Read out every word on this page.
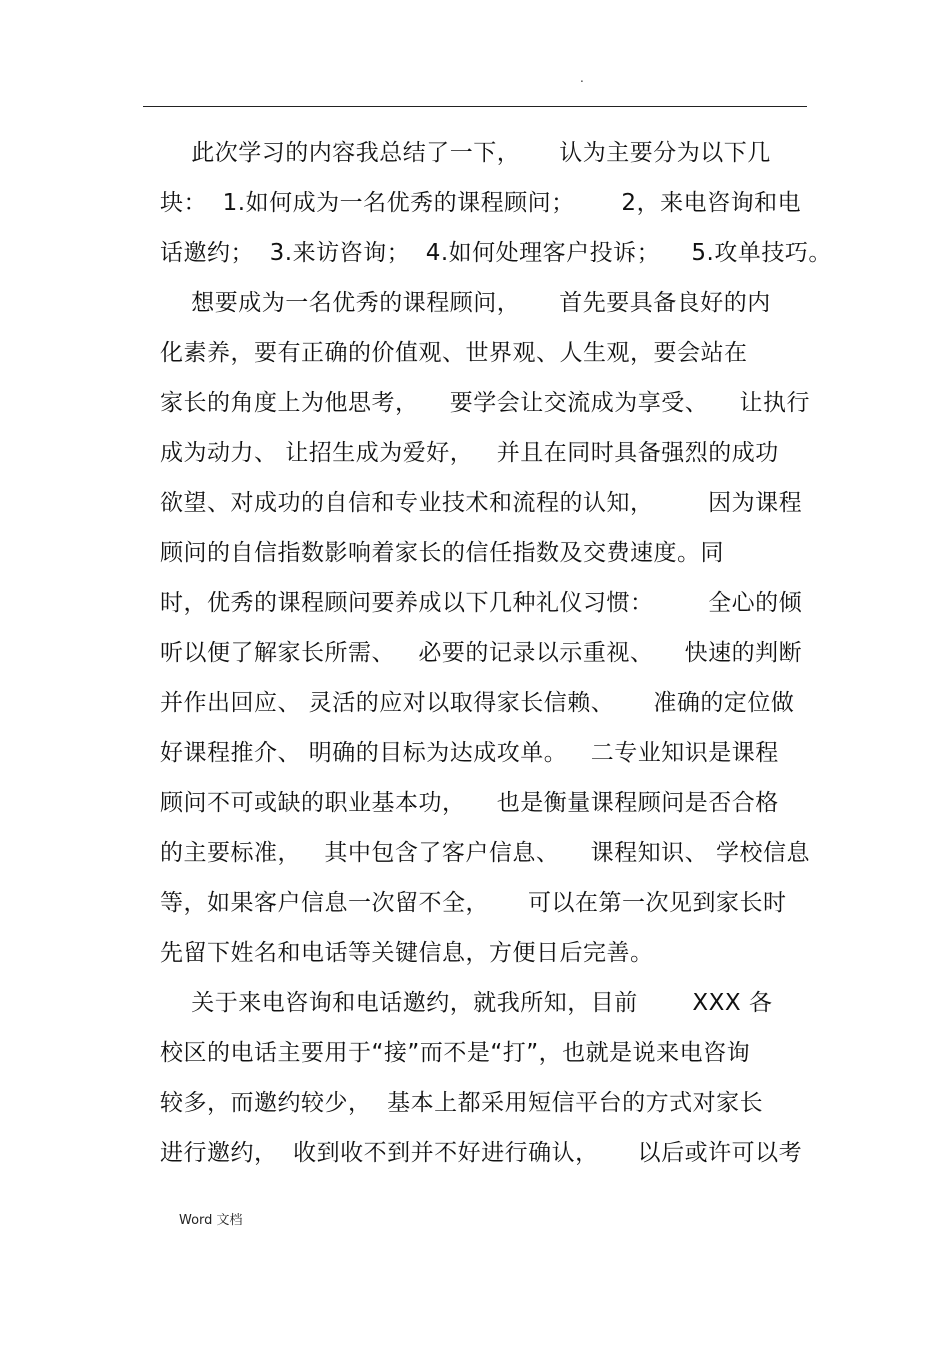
.
此次学习的内容我总结了一下，     认为主要分为以下几
块：  1.如何成为一名优秀的课程顾问；      2，来电咨询和电
话邀约；  3.来访咨询；  4.如何处理客户投诉；    5.攻单技巧。
想要成为一名优秀的课程顾问，     首先要具备良好的内
化素养，要有正确的价值观、世界观、人生观，要会站在
家长的角度上为他思考，    要学会让交流成为享受、    让执行
成为动力、 让招生成为爱好，   并且在同时具备强烈的成功
欲望、对成功的自信和专业技术和流程的认知，       因为课程
顾问的自信指数影响着家长的信任指数及交费速度。同
时，优秀的课程顾问要养成以下几种礼仪习惯：       全心的倾
听以便了解家长所需、   必要的记录以示重视、    快速的判断
并作出回应、 灵活的应对以取得家长信赖、     准确的定位做
好课程推介、 明确的目标为达成攻单。   二专业知识是课程
顾问不可或缺的职业基本功，    也是衡量课程顾问是否合格
的主要标准，   其中包含了客户信息、    课程知识、 学校信息
等，如果客户信息一次留不全，     可以在第一次见到家长时
先留下姓名和电话等关键信息，方便日后完善。
关于来电咨询和电话邀约，就我所知，目前       XXX 各
校区的电话主要用于“接”而不是“打”，也就是说来电咨询
较多，而邀约较少，  基本上都采用短信平台的方式对家长
进行邀约，  收到收不到并不好进行确认，     以后或许可以考
Word 文档
